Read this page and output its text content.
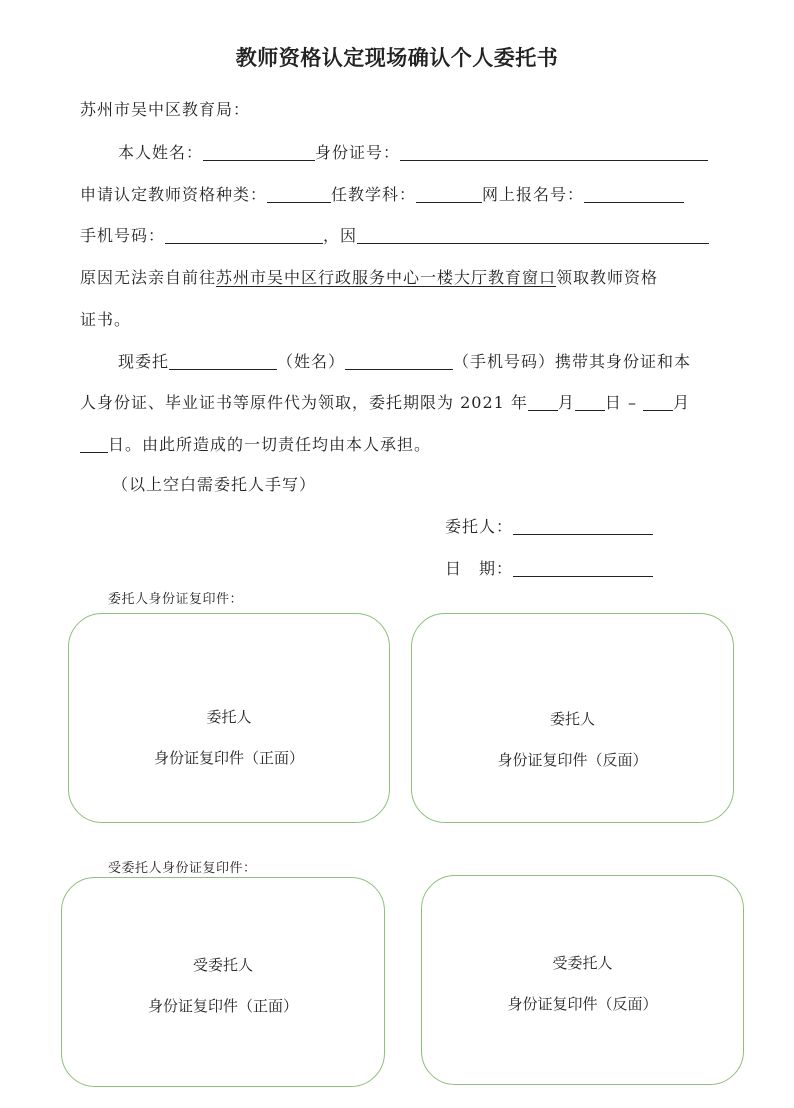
教师资格认定现场确认个人委托书
苏州市吴中区教育局：
本人姓名：	身份证号：
申请认定教师资格种类：	任教学科：	网上报名号：
手机号码：	，因
原因无法亲自前往苏州市吴中区行政服务中心一楼大厅教育窗口领取教师资格
证书。
现委托	（姓名）	（手机号码）携带其身份证和本
人身份证、毕业证书等原件代为领取，委托期限为 2021 年 月 日 – 月
日。由此所造成的一切责任均由本人承担。
（以上空白需委托人手写）
委托人：
日　期：
委托人身份证复印件：
委托人
身份证复印件（正面）
委托人
身份证复印件（反面）
受委托人身份证复印件：
受委托人
身份证复印件（正面）
受委托人
身份证复印件（反面）
